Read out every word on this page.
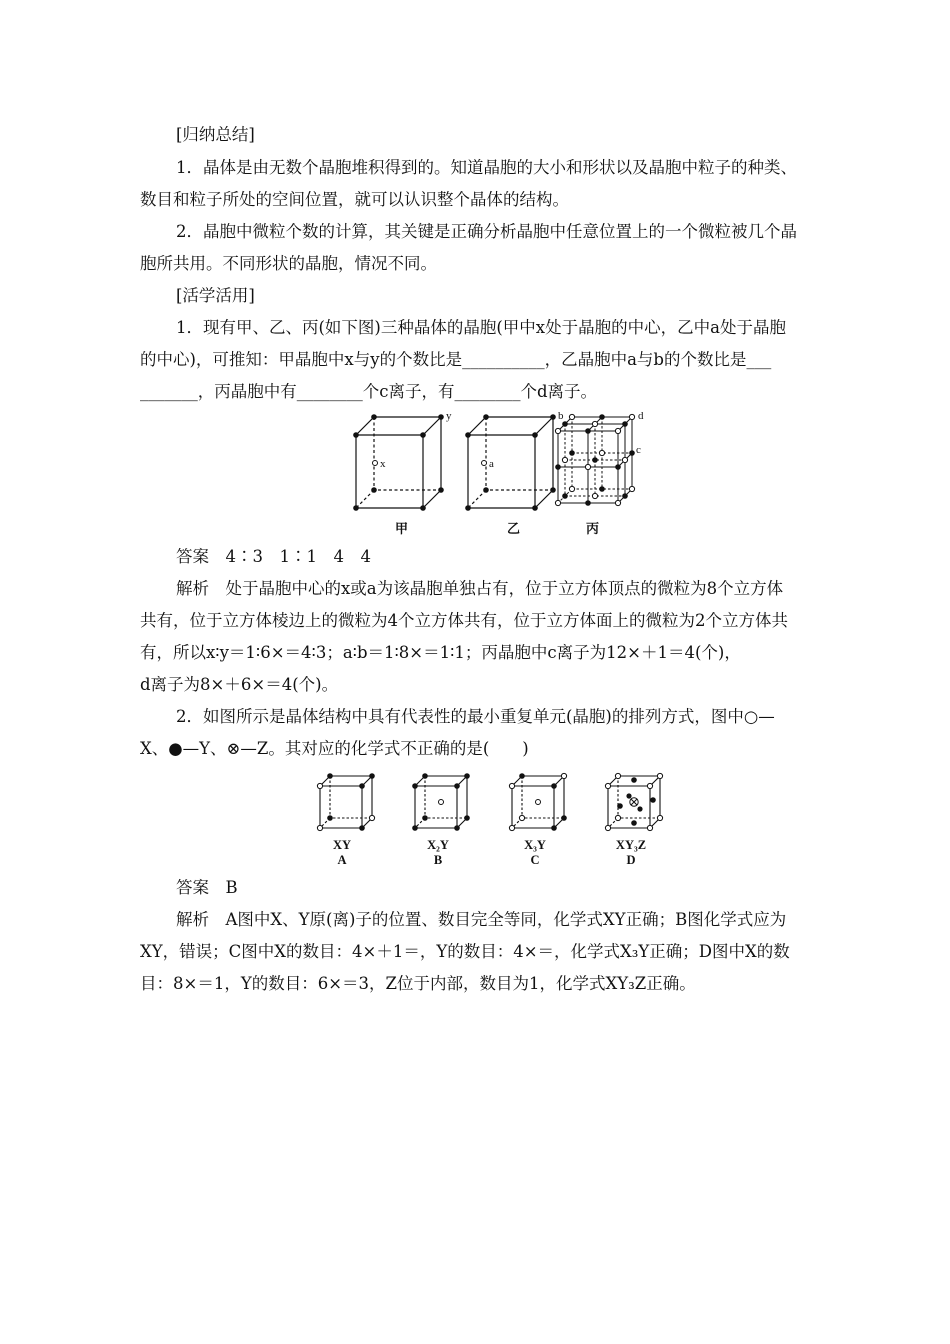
[归纳总结]
1．晶体是由无数个晶胞堆积得到的。知道晶胞的大小和形状以及晶胞中粒子的种类、
数目和粒子所处的空间位置，就可以认识整个晶体的结构。
2．晶胞中微粒个数的计算，其关键是正确分析晶胞中任意位置上的一个微粒被几个晶
胞所共用。不同形状的晶胞，情况不同。
[活学活用]
1．现有甲、乙、丙(如下图)三种晶体的晶胞(甲中x处于晶胞的中心，乙中a处于晶胞
的中心)，可推知：甲晶胞中x与y的个数比是__________，乙晶胞中a与b的个数比是___
_______，丙晶胞中有________个c离子，有________个d离子。
x
y
甲
a
b
乙
d
c
丙
答案　4∶3　1∶1　4　4
解析　处于晶胞中心的x或a为该晶胞单独占有，位于立方体顶点的微粒为8个立方体
共有，位于立方体棱边上的微粒为4个立方体共有，位于立方体面上的微粒为2个立方体共
有，所以x∶y＝1∶6×＝4∶3；a∶b＝1∶8×＝1∶1；丙晶胞中c离子为12×＋1＝4(个)，
d离子为8×＋6×＝4(个)。
2．如图所示是晶体结构中具有代表性的最小重复单元(晶胞)的排列方式，图中○—
X、●—Y、⊗—Z。其对应的化学式不正确的是(　　)
XY	X₂Y	X₃Y	XY₃Z
A	B	C	D
答案　B
解析　A图中X、Y原(离)子的位置、数目完全等同，化学式XY正确；B图化学式应为
XY，错误；C图中X的数目：4×＋1＝，Y的数目：4×＝，化学式X₃Y正确；D图中X的数
目：8×＝1，Y的数目：6×＝3，Z位于内部，数目为1，化学式XY₃Z正确。
